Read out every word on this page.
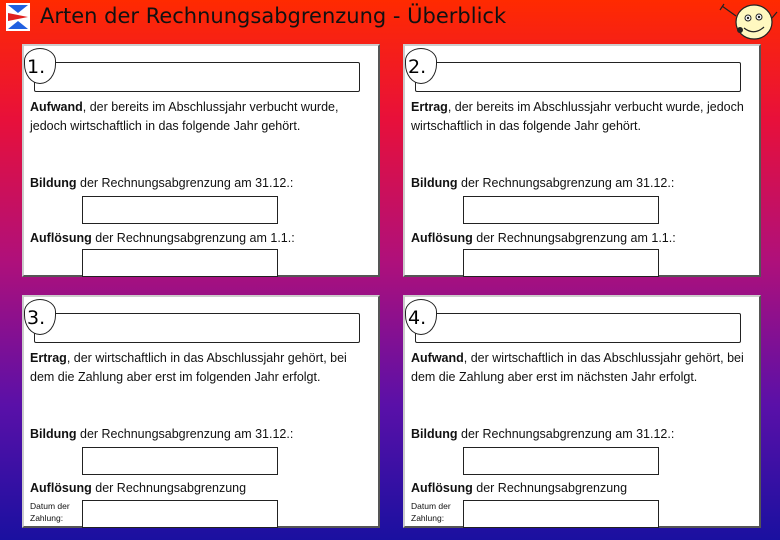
Arten der Rechnungsabgrenzung - Überblick
1.
Aufwand, der bereits im Abschlussjahr verbucht wurde, jedoch wirtschaftlich in das folgende Jahr gehört.
Bildung der Rechnungsabgrenzung am 31.12.:
Auflösung der Rechnungsabgrenzung am 1.1.:
2.
Ertrag, der bereits im Abschlussjahr verbucht wurde, jedoch wirtschaftlich in das folgende Jahr gehört.
Bildung der Rechnungsabgrenzung am 31.12.:
Auflösung der Rechnungsabgrenzung am 1.1.:
3.
Ertrag, der wirtschaftlich in das Abschlussjahr gehört, bei dem die Zahlung aber erst im folgenden Jahr erfolgt.
Bildung der Rechnungsabgrenzung am 31.12.:
Auflösung der Rechnungsabgrenzung
Datum der Zahlung:
4.
Aufwand, der wirtschaftlich in das Abschlussjahr gehört, bei dem die Zahlung aber erst im nächsten Jahr erfolgt.
Bildung der Rechnungsabgrenzung am 31.12.:
Auflösung der Rechnungsabgrenzung
Datum der Zahlung:
